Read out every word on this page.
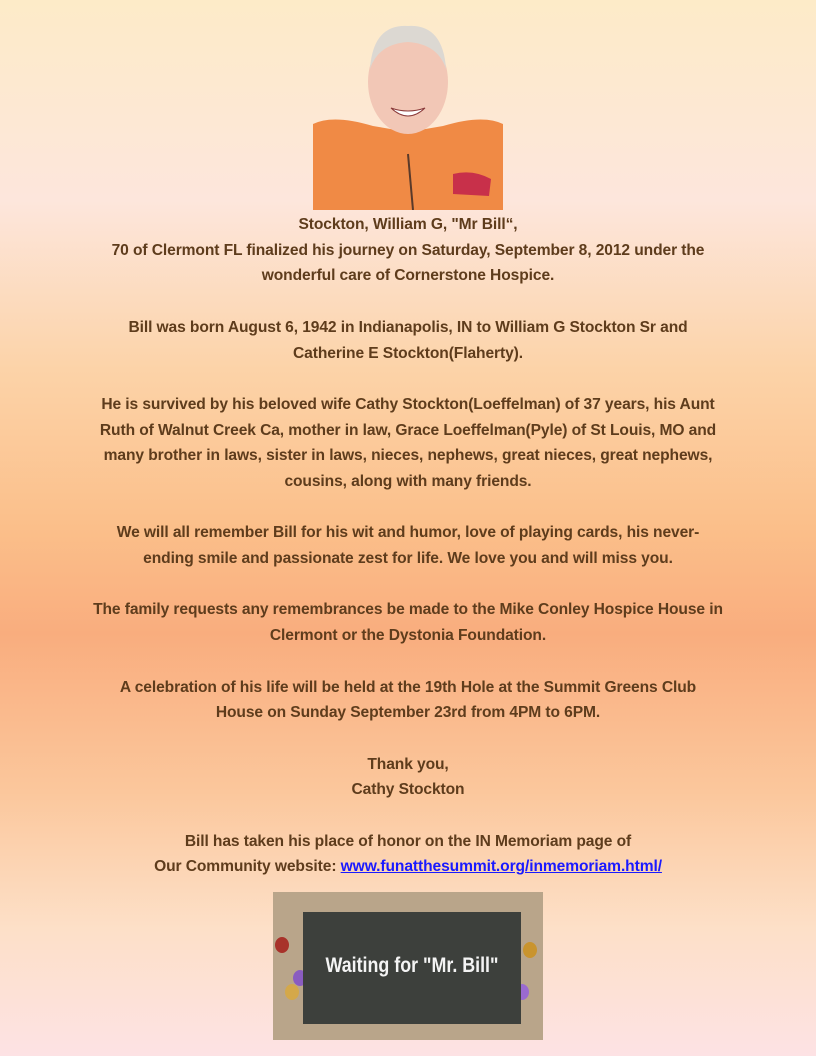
Stockton, William G, "Mr Bill“,
70 of Clermont FL finalized his journey on Saturday, September 8, 2012 under the
wonderful care of Cornerstone Hospice.
Bill was born August 6, 1942 in Indianapolis, IN to William G Stockton Sr and
Catherine E Stockton(Flaherty).
He is survived by his beloved wife Cathy Stockton(Loeffelman) of 37 years, his Aunt
Ruth of Walnut Creek Ca, mother in law, Grace Loeffelman(Pyle) of St Louis, MO and
many brother in laws, sister in laws, nieces, nephews, great nieces, great nephews,
cousins, along with many friends.
We will all remember Bill for his wit and humor, love of playing cards, his never-
ending smile and passionate zest for life. We love you and will miss you.
The family requests any remembrances be made to the Mike Conley Hospice House in
Clermont or the Dystonia Foundation.
A celebration of his life will be held at the 19th Hole at the Summit Greens Club
House on Sunday September 23rd from 4PM to 6PM.
Thank you,
Cathy Stockton
Bill has taken his place of honor on the IN Memoriam page of
Our Community website: www.funatthesummit.org/inmemoriam.html/
Waiting for "Mr. Bill"
